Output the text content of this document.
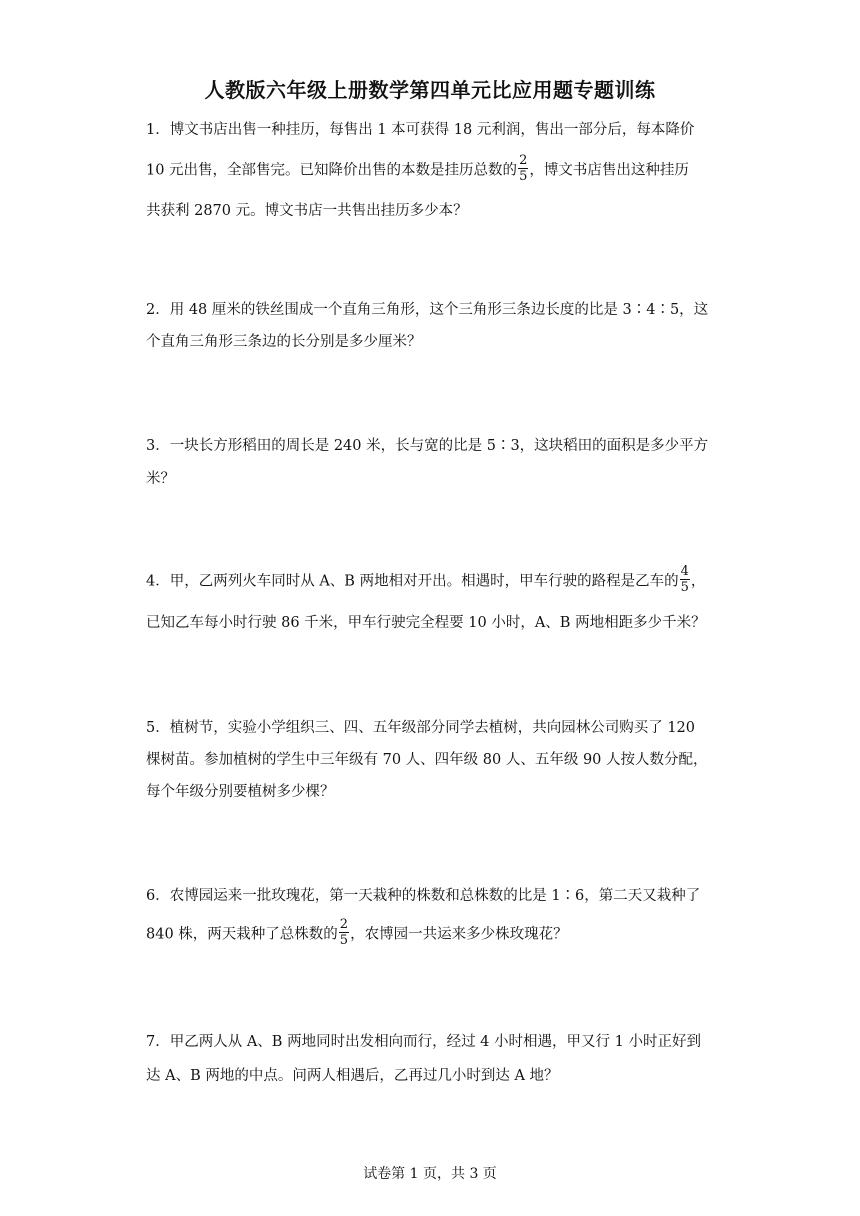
人教版六年级上册数学第四单元比应用题专题训练
1．博文书店出售一种挂历，每售出 1 本可获得 18 元利润，售出一部分后，每本降价
10 元出售，全部售完。已知降价出售的本数是挂历总数的 $\frac{2}{5}$ ，博文书店售出这种挂历
共获利 2870 元。博文书店一共售出挂历多少本？
2．用 48 厘米的铁丝围成一个直角三角形，这个三角形三条边长度的比是 3∶4∶5，这
个直角三角形三条边的长分别是多少厘米？
3．一块长方形稻田的周长是 240 米，长与宽的比是 5∶3，这块稻田的面积是多少平方
米？
4．甲，乙两列火车同时从 A、B 两地相对开出。相遇时，甲车行驶的路程是乙车的 $\frac{4}{5}$ ，
已知乙车每小时行驶 86 千米，甲车行驶完全程要 10 小时，A、B 两地相距多少千米？
5．植树节，实验小学组织三、四、五年级部分同学去植树，共向园林公司购买了 120
棵树苗。参加植树的学生中三年级有 70 人、四年级 80 人、五年级 90 人按人数分配，
每个年级分别要植树多少棵？
6．农博园运来一批玫瑰花，第一天栽种的株数和总株数的比是 1∶6，第二天又栽种了
840 株，两天栽种了总株数的 $\frac{2}{5}$ ，农博园一共运来多少株玫瑰花？
7．甲乙两人从 A、B 两地同时出发相向而行，经过 4 小时相遇，甲又行 1 小时正好到
达 A、B 两地的中点。问两人相遇后，乙再过几小时到达 A 地？
试卷第 1 页，共 3 页
